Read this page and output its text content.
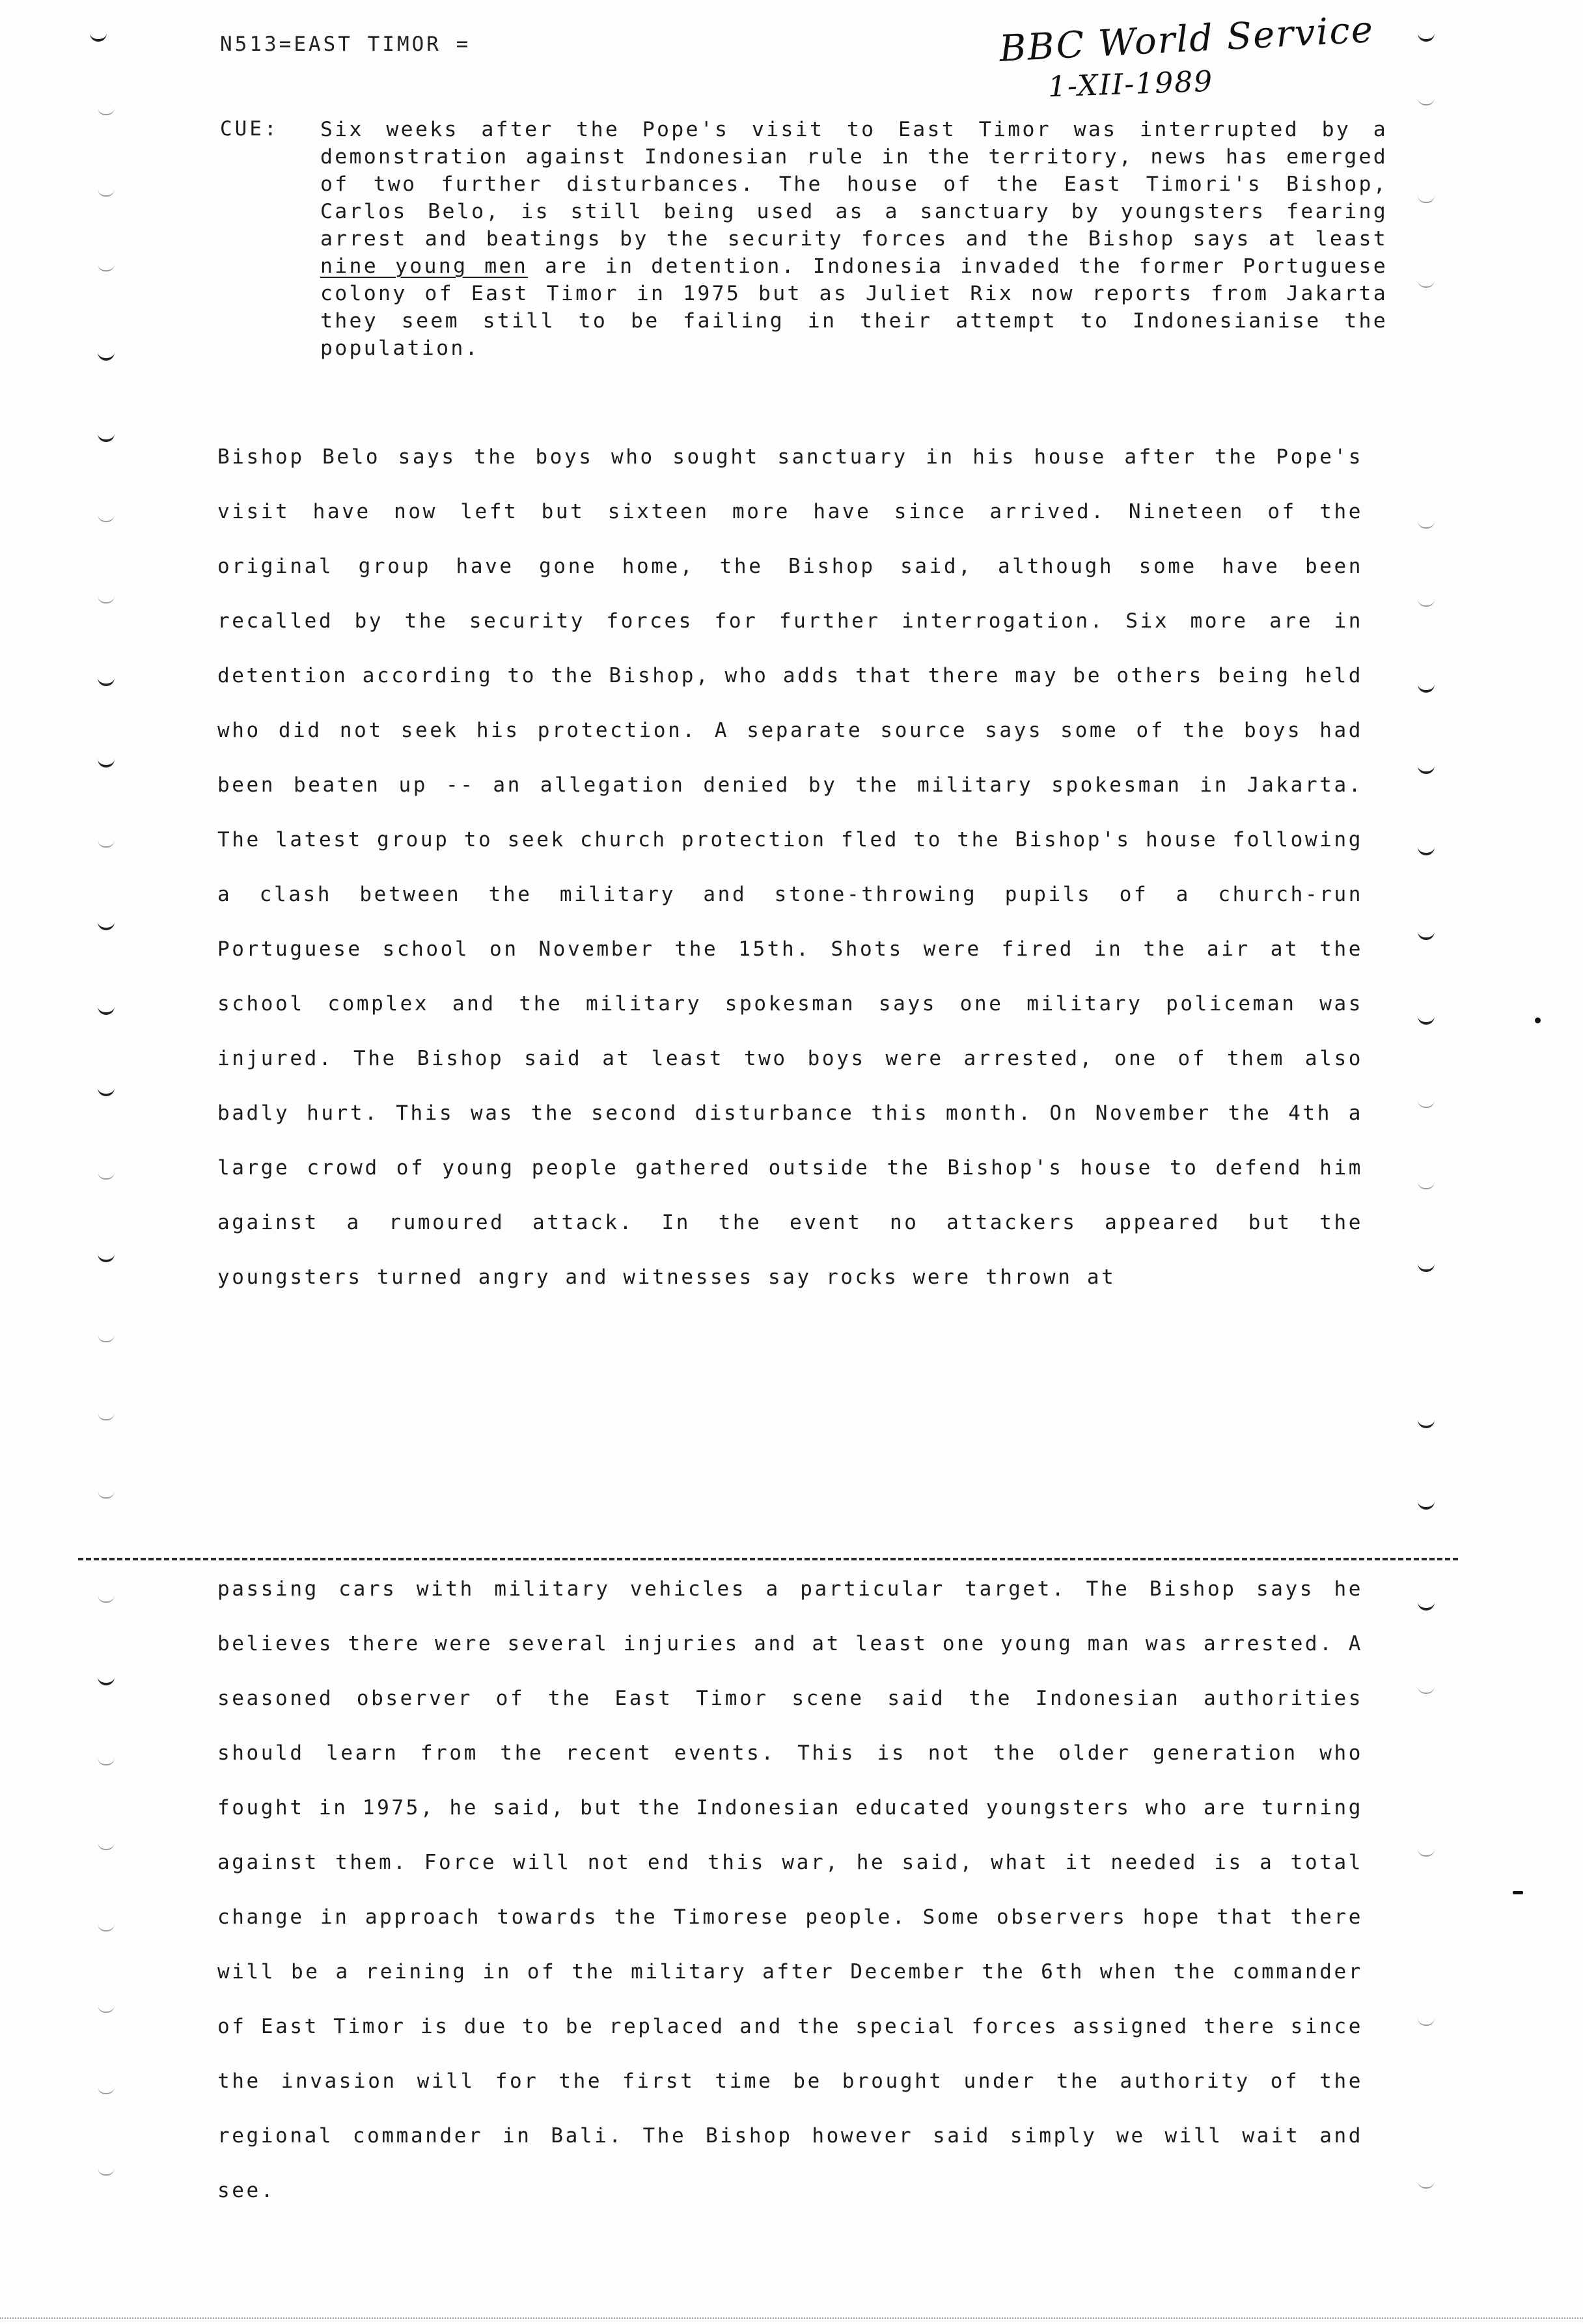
N513=EAST TIMOR =	BBC World Service
1-XII-1989
CUE: Six weeks after the Pope's visit to East Timor was interrupted by a demonstration against Indonesian rule in the territory, news has emerged of two further disturbances. The house of the East Timori's Bishop, Carlos Belo, is still being used as a sanctuary by youngsters fearing arrest and beatings by the security forces and the Bishop says at least nine young men are in detention. Indonesia invaded the former Portuguese colony of East Timor in 1975 but as Juliet Rix now reports from Jakarta they seem still to be failing in their attempt to Indonesianise the population.

Bishop Belo says the boys who sought sanctuary in his house after the Pope's visit have now left but sixteen more have since arrived. Nineteen of the original group have gone home, the Bishop said, although some have been recalled by the security forces for further interrogation. Six more are in detention according to the Bishop, who adds that there may be others being held who did not seek his protection. A separate source says some of the boys had been beaten up -- an allegation denied by the military spokesman in Jakarta. The latest group to seek church protection fled to the Bishop's house following a clash between the military and stone-throwing pupils of a church-run Portuguese school on November the 15th. Shots were fired in the air at the school complex and the military spokesman says one military policeman was injured. The Bishop said at least two boys were arrested, one of them also badly hurt. This was the second disturbance this month. On November the 4th a large crowd of young people gathered outside the Bishop's house to defend him against a rumoured attack. In the event no attackers appeared but the youngsters turned angry and witnesses say rocks were thrown at

passing cars with military vehicles a particular target. The Bishop says he believes there were several injuries and at least one young man was arrested. A seasoned observer of the East Timor scene said the Indonesian authorities should learn from the recent events. This is not the older generation who fought in 1975, he said, but the Indonesian educated youngsters who are turning against them. Force will not end this war, he said, what it needed is a total change in approach towards the Timorese people. Some observers hope that there will be a reining in of the military after December the 6th when the commander of East Timor is due to be replaced and the special forces assigned there since the invasion will for the first time be brought under the authority of the regional commander in Bali. The Bishop however said simply we will wait and see.
